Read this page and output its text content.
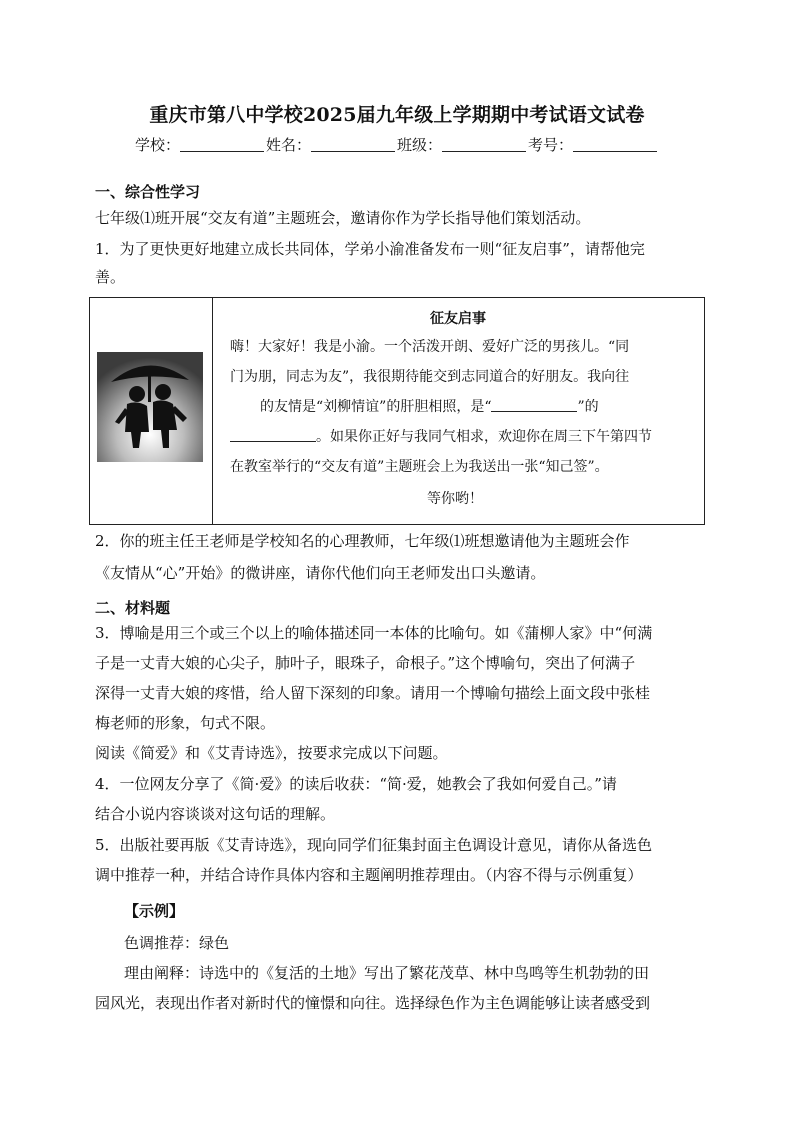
重庆市第八中学校2025届九年级上学期期中考试语文试卷
学校：	姓名：	班级：	考号：
一、综合性学习
七年级⑴班开展“交友有道”主题班会，邀请你作为学长指导他们策划活动。
1．为了更快更好地建立成长共同体，学弟小渝准备发布一则“征友启事”，请帮他完
善。
征友启事
嗨！大家好！我是小渝。一个活泼开朗、爱好广泛的男孩儿。“同
门为朋，同志为友”，我很期待能交到志同道合的好朋友。我向往
的友情是“刘柳情谊”的肝胆相照，是“	”的
。如果你正好与我同气相求，欢迎你在周三下午第四节
在教室举行的“交友有道”主题班会上为我送出一张“知己签”。
等你哟！
2．你的班主任王老师是学校知名的心理教师，七年级⑴班想邀请他为主题班会作
《友情从“心”开始》的微讲座，请你代他们向王老师发出口头邀请。
二、材料题
3．博喻是用三个或三个以上的喻体描述同一本体的比喻句。如《蒲柳人家》中“何满
子是一丈青大娘的心尖子，肺叶子，眼珠子，命根子。”这个博喻句，突出了何满子
深得一丈青大娘的疼惜，给人留下深刻的印象。请用一个博喻句描绘上面文段中张桂
梅老师的形象，句式不限。
阅读《简爱》和《艾青诗选》，按要求完成以下问题。
4．一位网友分享了《简·爱》的读后收获：“简·爱，她教会了我如何爱自己。”请
结合小说内容谈谈对这句话的理解。
5．出版社要再版《艾青诗选》，现向同学们征集封面主色调设计意见，请你从备选色
调中推荐一种，并结合诗作具体内容和主题阐明推荐理由。（内容不得与示例重复）
【示例】
色调推荐：绿色
理由阐释：诗选中的《复活的土地》写出了繁花茂草、林中鸟鸣等生机勃勃的田
园风光，表现出作者对新时代的憧憬和向往。选择绿色作为主色调能够让读者感受到
